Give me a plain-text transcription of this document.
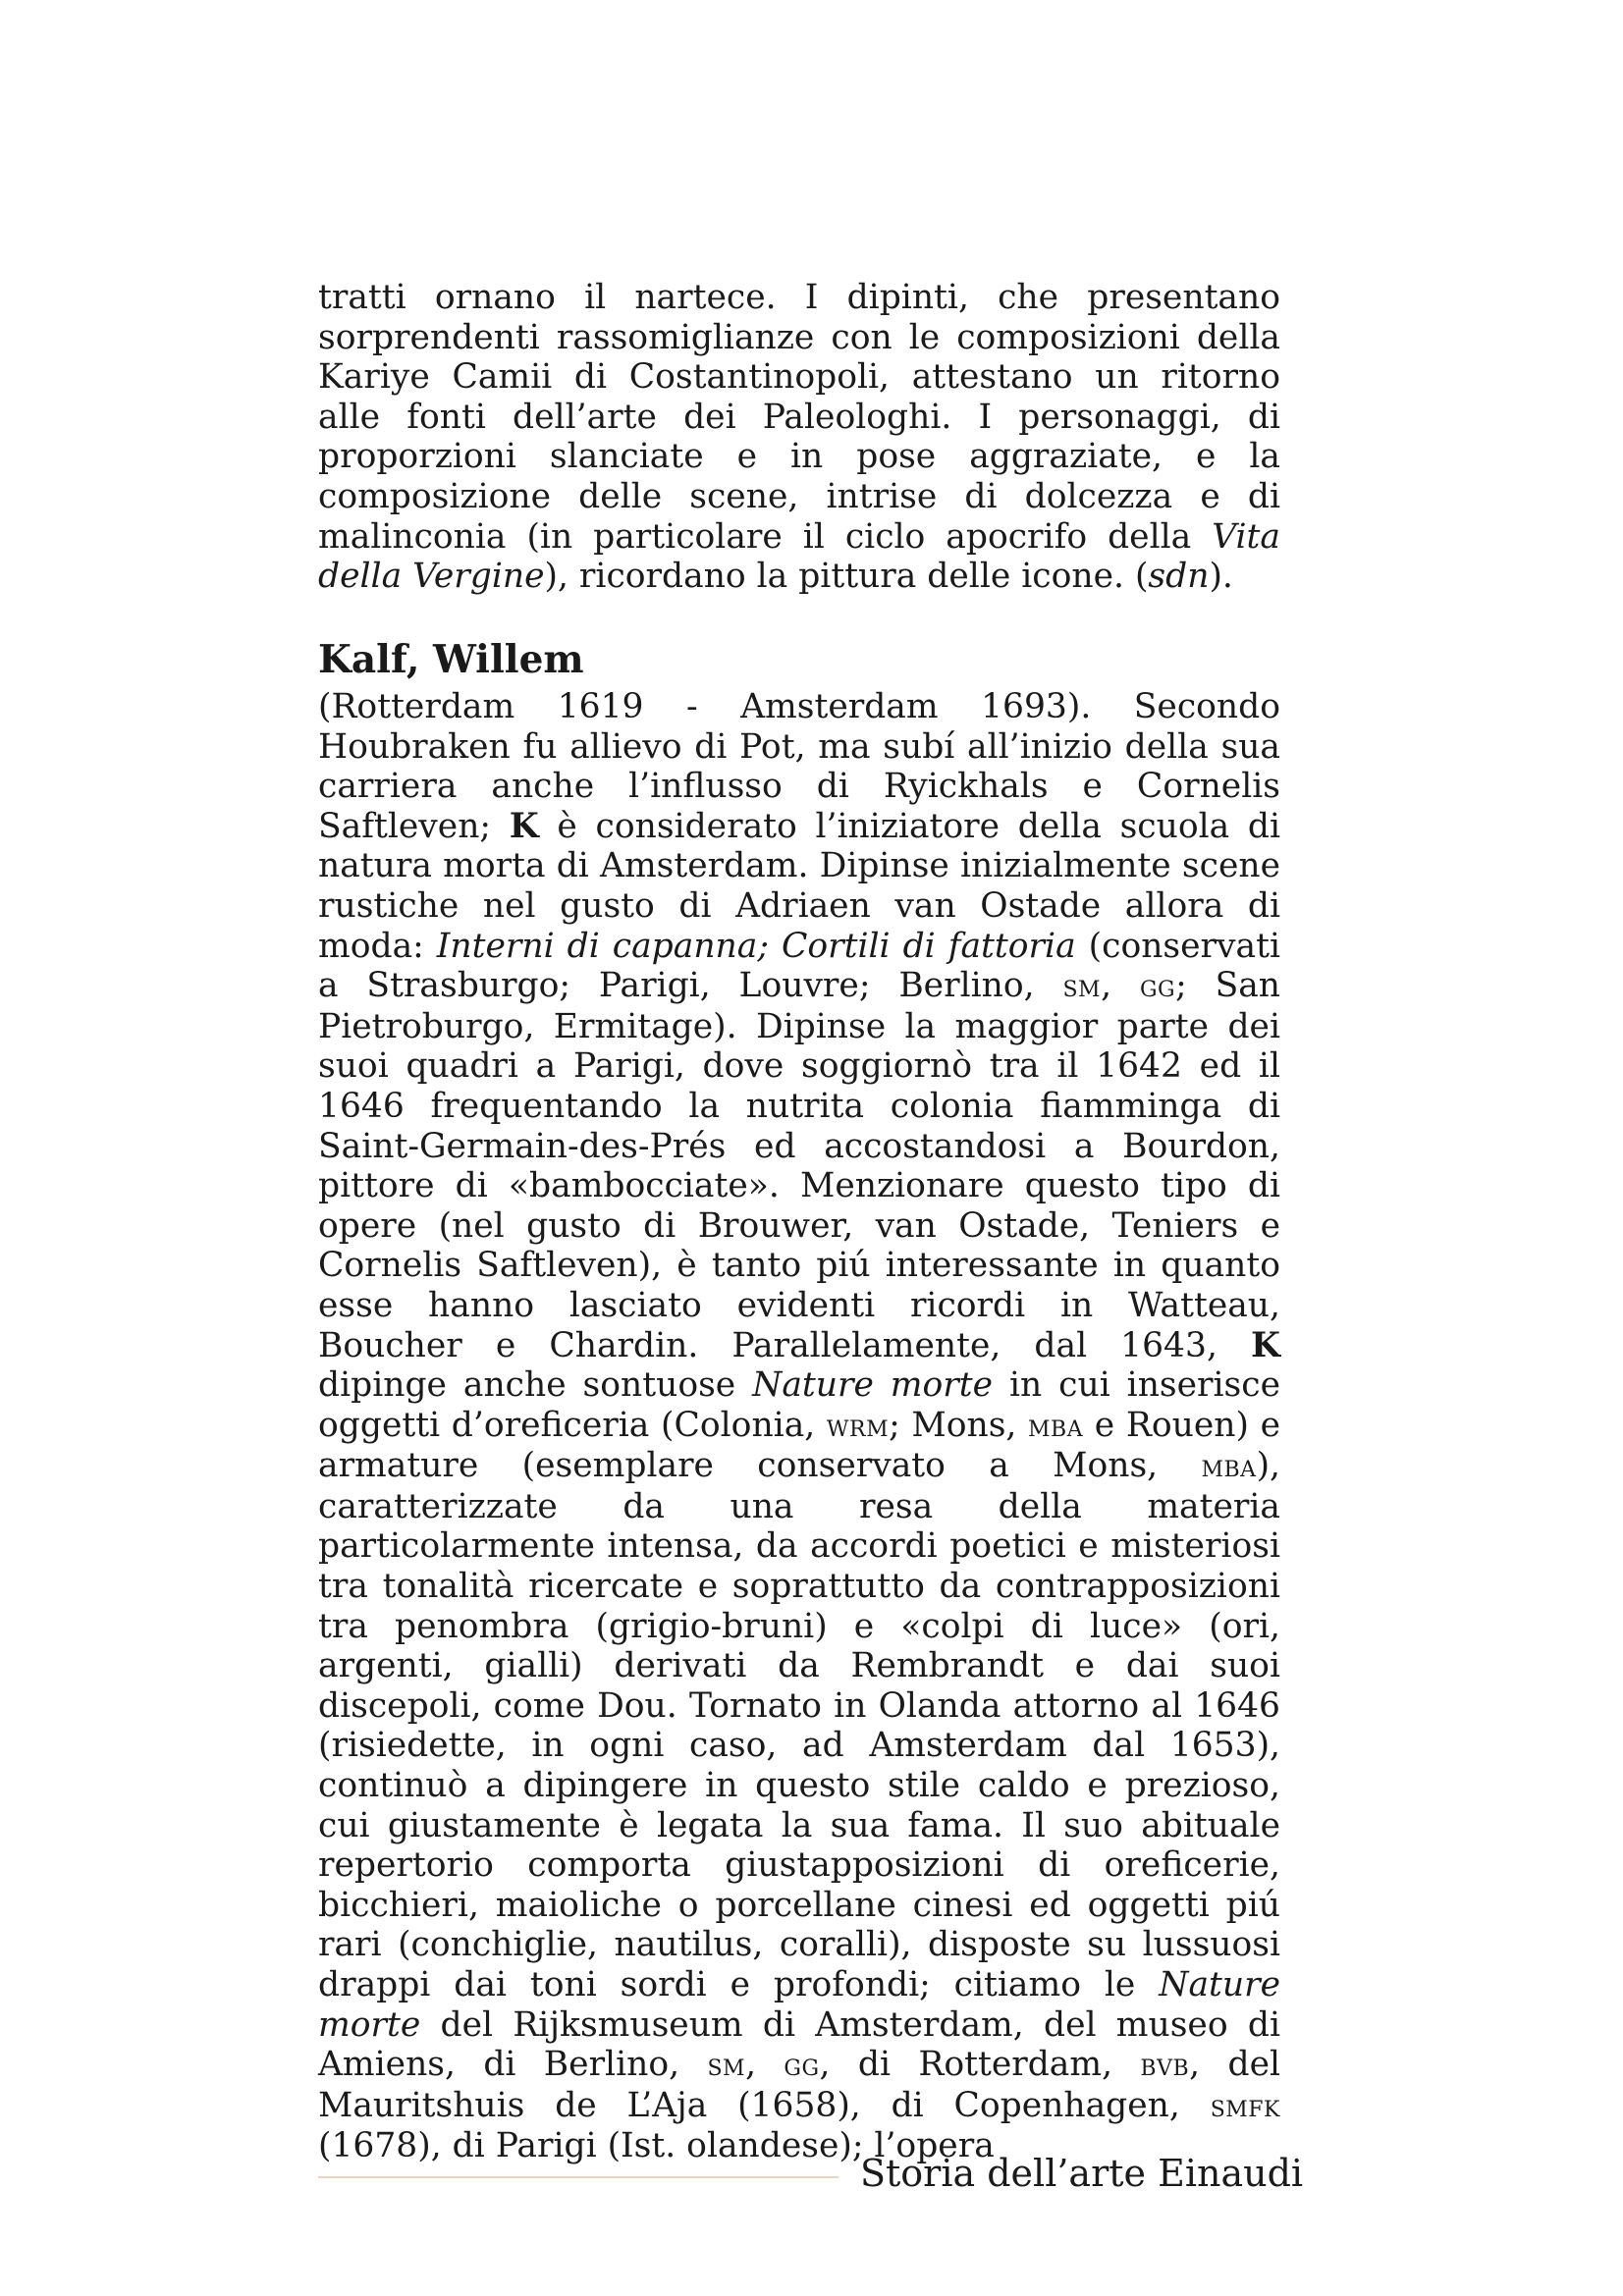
tratti ornano il nartece. I dipinti, che presentano sorprendenti rassomiglianze con le composizioni della Kariye Camii di Costantinopoli, attestano un ritorno alle fonti dell’arte dei Paleologhi. I personaggi, di proporzioni slanciate e in pose aggraziate, e la composizione delle scene, intrise di dolcezza e di malinconia (in particolare il ciclo apocrifo della Vita della Vergine), ricordano la pittura delle icone. (sdn).

Kalf, Willem

(Rotterdam 1619 - Amsterdam 1693). Secondo Houbraken fu allievo di Pot, ma subí all’inizio della sua carriera anche l’influsso di Ryickhals e Cornelis Saftleven; K è considerato l’iniziatore della scuola di natura morta di Amsterdam. Dipinse inizialmente scene rustiche nel gusto di Adriaen van Ostade allora di moda: Interni di capanna; Cortili di fattoria (conservati a Strasburgo; Parigi, Louvre; Berlino, sm, gg; San Pietroburgo, Ermitage). Dipinse la maggior parte dei suoi quadri a Parigi, dove soggiornò tra il 1642 ed il 1646 frequentando la nutrita colonia fiamminga di Saint-Germain-des-Prés ed accostandosi a Bourdon, pittore di «bambocciate». Menzionare questo tipo di opere (nel gusto di Brouwer, van Ostade, Teniers e Cornelis Saftleven), è tanto piú interessante in quanto esse hanno lasciato evidenti ricordi in Watteau, Boucher e Chardin. Parallelamente, dal 1643, K dipinge anche sontuose Nature morte in cui inserisce oggetti d’oreficeria (Colonia, wrm; Mons, mba e Rouen) e armature (esemplare conservato a Mons, mba), caratterizzate da una resa della materia particolarmente intensa, da accordi poetici e misteriosi tra tonalità ricercate e soprattutto da contrapposizioni tra penombra (grigio-bruni) e «colpi di luce» (ori, argenti, gialli) derivati da Rembrandt e dai suoi discepoli, come Dou. Tornato in Olanda attorno al 1646 (risiedette, in ogni caso, ad Amsterdam dal 1653), continuò a dipingere in questo stile caldo e prezioso, cui giustamente è legata la sua fama. Il suo abituale repertorio comporta giustapposizioni di oreficerie, bicchieri, maioliche o porcellane cinesi ed oggetti piú rari (conchiglie, nautilus, coralli), disposte su lussuosi drappi dai toni sordi e profondi; citiamo le Nature morte del Rijksmuseum di Amsterdam, del museo di Amiens, di Berlino, sm, gg, di Rotterdam, bvb, del Mauritshuis de L’Aja (1658), di Copenhagen, smfk (1678), di Parigi (Ist. olandese); l’opera

Storia dell’arte Einaudi
